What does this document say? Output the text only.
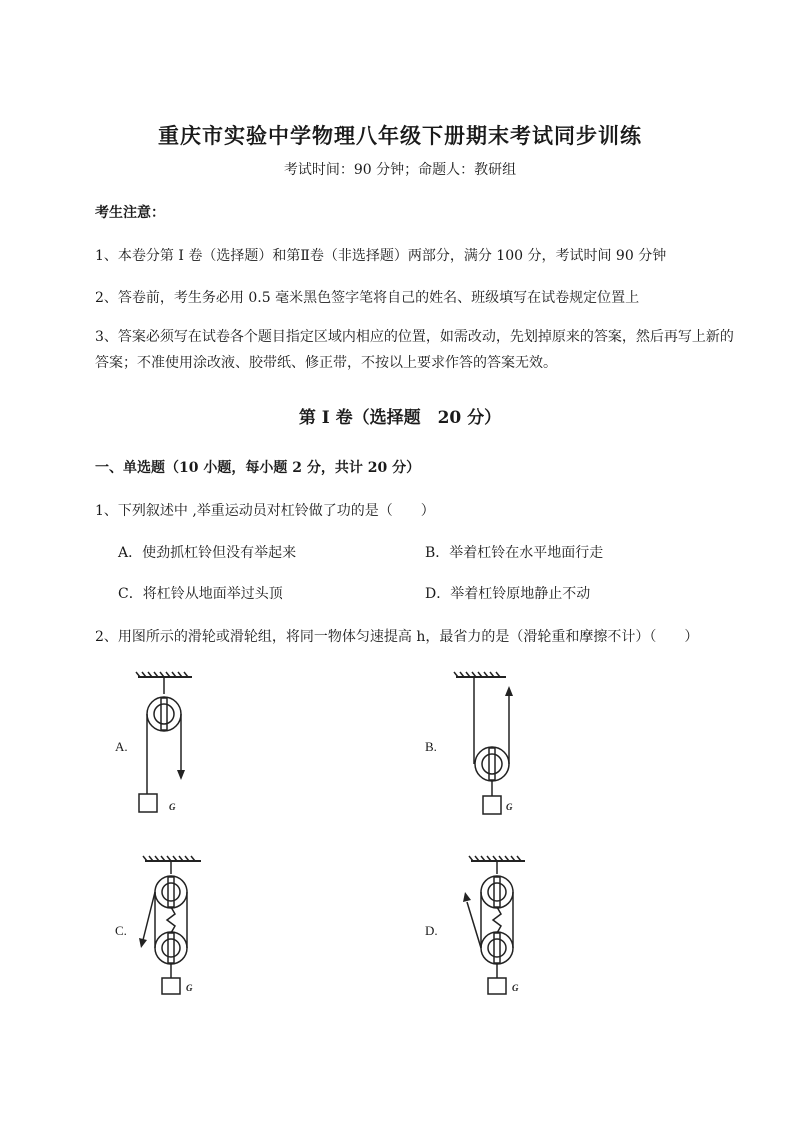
重庆市实验中学物理八年级下册期末考试同步训练
考试时间：90 分钟；命题人：教研组
考生注意：
1、本卷分第 I 卷（选择题）和第Ⅱ卷（非选择题）两部分，满分 100 分，考试时间 90 分钟
2、答卷前，考生务必用 0.5 毫米黑色签字笔将自己的姓名、班级填写在试卷规定位置上
3、答案必须写在试卷各个题目指定区域内相应的位置，如需改动，先划掉原来的答案，然后再写上新的答案；不准使用涂改液、胶带纸、修正带，不按以上要求作答的答案无效。
第 I 卷（选择题　20 分）
一、单选题（10 小题，每小题 2 分，共计 20 分）
1、下列叙述中 ,举重运动员对杠铃做了功的是（　　）
A．使劲抓杠铃但没有举起来	B．举着杠铃在水平地面行走
C．将杠铃从地面举过头顶	D．举着杠铃原地静止不动
2、用图所示的滑轮或滑轮组，将同一物体匀速提高 h，最省力的是（滑轮重和摩擦不计）（　　）
A.	B.
C.	D.
G	G
G	G
